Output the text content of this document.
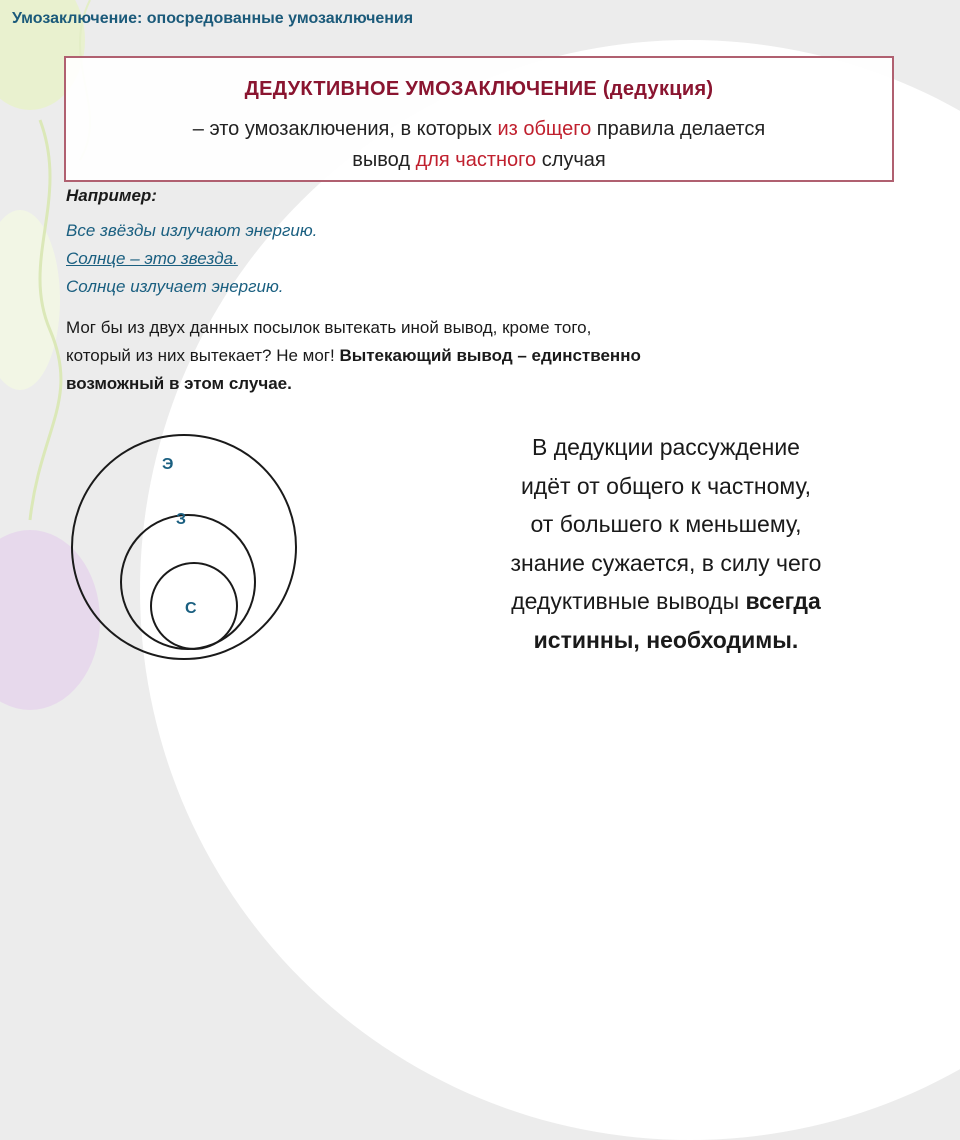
Умозаключение: опосредованные умозаключения
ДЕДУКТИВНОЕ УМОЗАКЛЮЧЕНИЕ (дедукция)
– это умозаключения, в которых из общего правила делается
вывод для частного случая
Например:
Все звёзды излучают энергию.
Солнце – это звезда.
Солнце излучает энергию.
Мог бы из двух данных посылок вытекать иной вывод, кроме того,
который из них вытекает? Не мог! Вытекающий вывод – единственно
возможный в этом случае.
Э
З
С
В дедукции рассуждение
идёт от общего к частному,
от большего к меньшему,
знание сужается, в силу чего
дедуктивные выводы всегда
истинны, необходимы.
